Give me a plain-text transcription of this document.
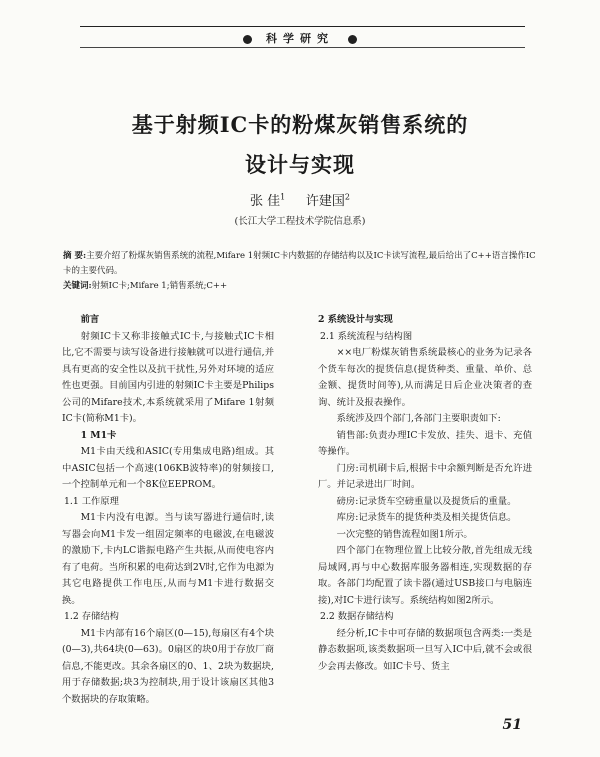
科学研究
基于射频IC卡的粉煤灰销售系统的
设计与实现
张 佳$^1$ 许建国$^2$
(长江大学工程技术学院信息系)
摘 要:主要介绍了粉煤灰销售系统的流程,Mifare 1射频IC卡内数据的存储结构以及IC卡读写流程,最后给出了C++语言操作IC卡的主要代码。
关键词:射频IC卡;Mifare 1;销售系统;C++

前言

射频IC卡又称非接触式IC卡,与接触式IC卡相比,它不需要与读写设备进行接触就可以进行通信,并具有更高的安全性以及抗干扰性,另外对环境的适应性也更强。目前国内引进的射频IC卡主要是Philips公司的Mifare技术,本系统就采用了Mifare 1射频IC卡(简称M1卡)。

1 M1卡

M1卡由天线和ASIC(专用集成电路)组成。其中ASIC包括一个高速(106KB波特率)的射频接口,一个控制单元和一个8K位EEPROM。

1.1 工作原理

M1卡内没有电源。当与读写器进行通信时,读写器会向M1卡发一组固定频率的电磁波,在电磁波的激励下,卡内LC谐振电路产生共振,从而使电容内有了电荷。当所积累的电荷达到2V时,它作为电源为其它电路提供工作电压,从而与M1卡进行数据交换。

1.2 存储结构

M1卡内部有16个扇区(0—15),每扇区有4个块(0—3),共64块(0—63)。0扇区的块0用于存放厂商信息,不能更改。其余各扇区的0、1、2块为数据块,用于存储数据;块3为控制块,用于设计该扇区其他3个数据块的存取策略。

2 系统设计与实现

2.1 系统流程与结构图

××电厂粉煤灰销售系统最核心的业务为记录各个货车每次的提货信息(提货种类、重量、单价、总金额、提货时间等),从而满足日后企业决策者的查询、统计及报表操作。

系统涉及四个部门,各部门主要职责如下:

销售部:负责办理IC卡发放、挂失、退卡、充值等操作。

门房:司机刷卡后,根据卡中余额判断是否允许进厂。并记录进出厂时间。

磅房:记录货车空磅重量以及提货后的重量。

库房:记录货车的提货种类及相关提货信息。

一次完整的销售流程如图1所示。

四个部门在物理位置上比较分散,首先组成无线局域网,再与中心数据库服务器相连,实现数据的存取。各部门均配置了读卡器(通过USB接口与电脑连接),对IC卡进行读写。系统结构如图2所示。

2.2 数据存储结构

经分析,IC卡中可存储的数据项包含两类:一类是静态数据项,该类数据项一旦写入IC中后,就不会或很少会再去修改。如IC卡号、货主

51
